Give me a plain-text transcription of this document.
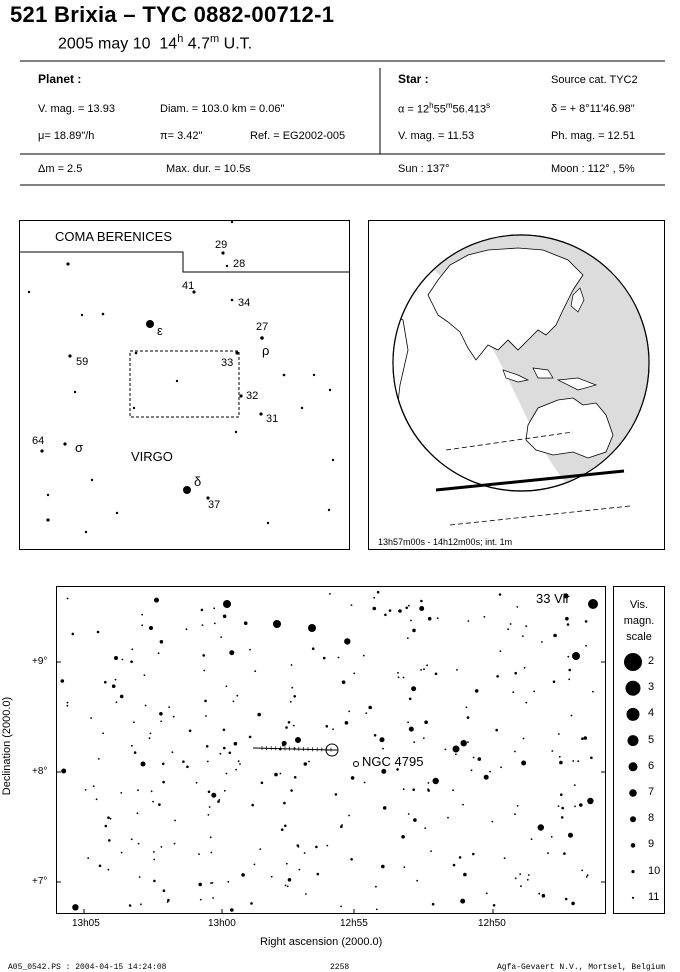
521 Brixia – TYC 0882-00712-1
2005 may 10 14$^h$ 4.7$^m$ U.T.
Planet :
V. mag. = 13.93	Diam. = 103.0 km = 0.06"
μ= 18.89"/h	π= 3.42"	Ref. = EG2002-005
Star :	Source cat. TYC2
$\alpha = 12^h55^m56.413^s$	δ = + 8°11'46.98"
V. mag. = 11.53	Ph. mag. = 12.51
Δm = 2.5	Max. dur. = 10.5s	Sun : 137°	Moon : 112° , 5%
COMA BERENICES
VIRGO
29
28
41
34
27
ρ
ε
59	33
32
31
64 σ
δ
37
13h57m00s - 14h12m00s; int. 1m
33 Vir
NGC 4795
+9°
+8°
+7°
13h05	13h00	12h55	12h50
Right ascension (2000.0)
Declination (2000.0)
Vis.
magn.
scale
2
3
4
5
6
7
8
9
10
11
A05_0542.PS : 2004-04-15 14:24:08	2258	Agfa-Gevaert N.V., Mortsel, Belgium
